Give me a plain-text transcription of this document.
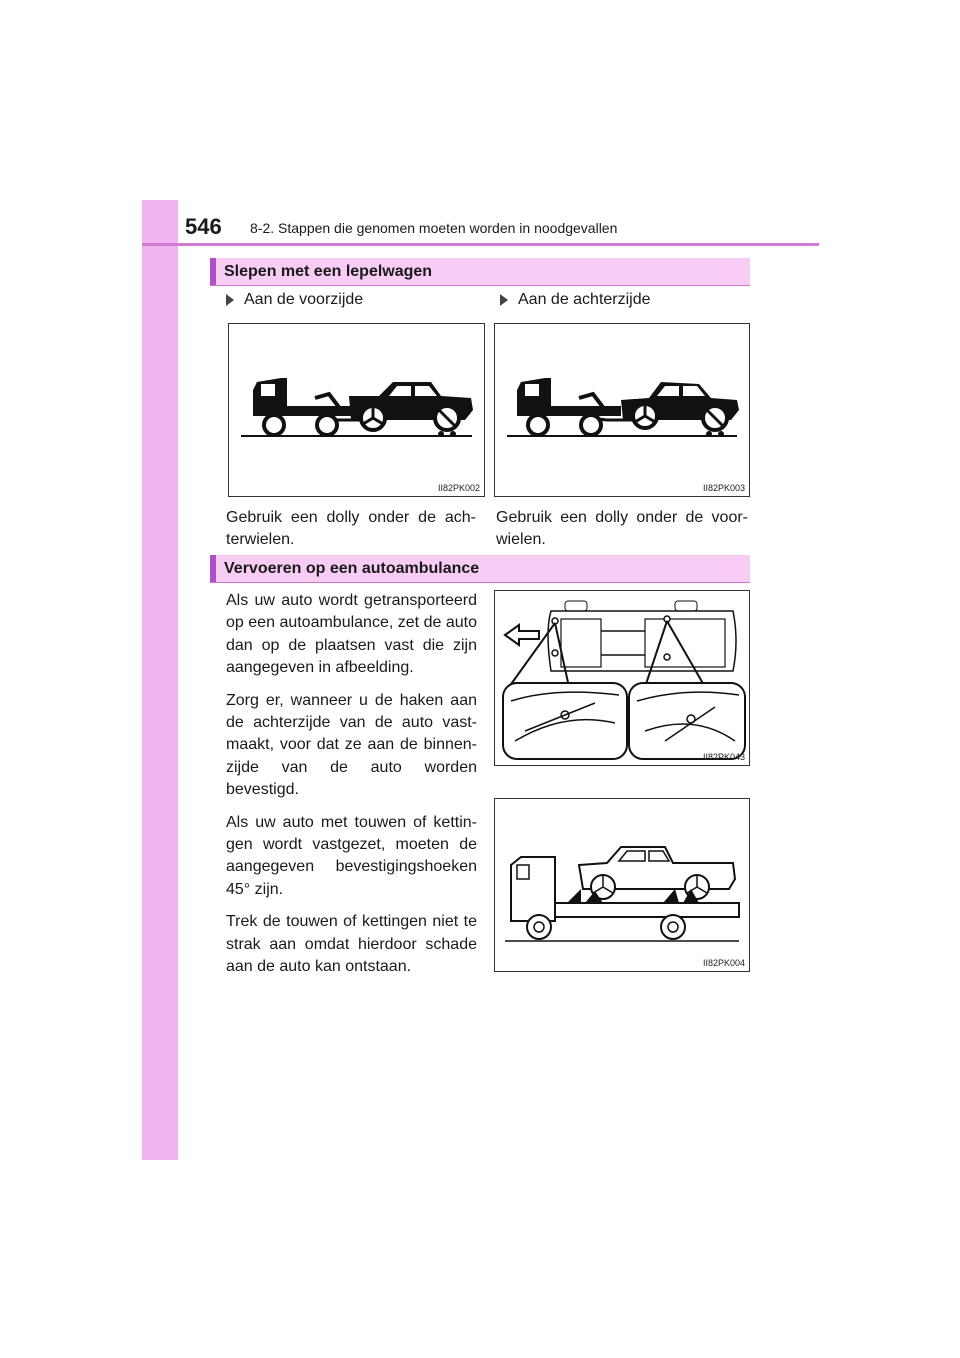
546 8-2. Stappen die genomen moeten worden in noodgevallen
Slepen met een lepelwagen
Aan de voorzijde	Aan de achterzijde
II82PK002	II82PK003
Gebruik een dolly onder de achterwielen.
Gebruik een dolly onder de voorwielen.
Vervoeren op een autoambulance

Als uw auto wordt getransporteerd op een autoambulance, zet de auto dan op de plaatsen vast die zijn aangegeven in afbeelding.

Zorg er, wanneer u de haken aan de achterzijde van de auto vastmaakt, voor dat ze aan de binnenzijde van de auto worden bevestigd.

Als uw auto met touwen of kettingen wordt vastgezet, moeten de aangegeven bevestigingshoeken 45° zijn.

Trek de touwen of kettingen niet te strak aan omdat hierdoor schade aan de auto kan ontstaan.

II82PK043
II82PK004
